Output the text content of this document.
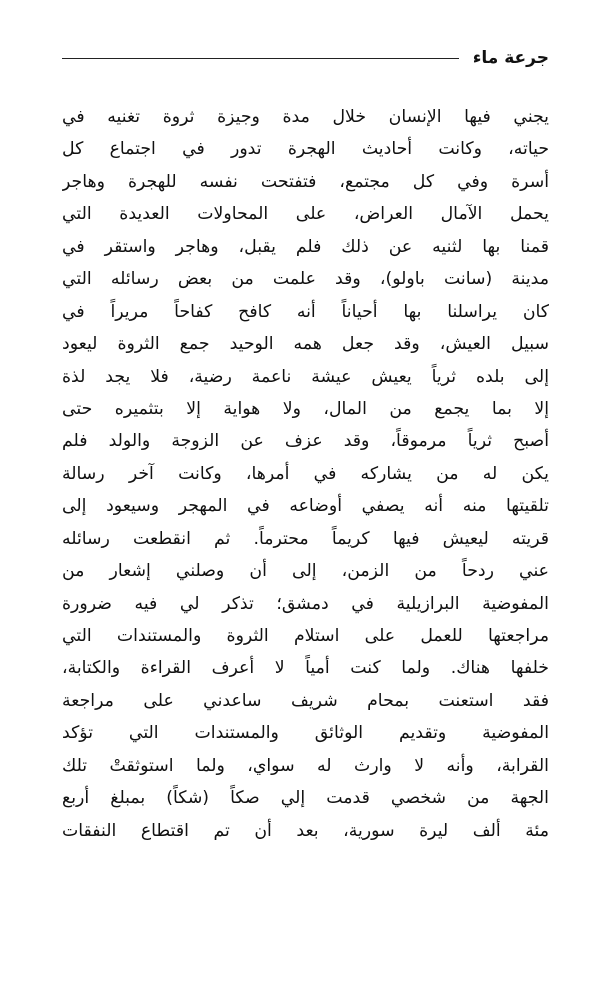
جرعة ماء
يجني فيها الإنسان خلال مدة وجيزة ثروة تغنيه في
حياته، وكانت أحاديث الهجرة تدور في اجتماع كل
أسرة وفي كل مجتمع، فتفتحت نفسه للهجرة وهاجر
يحمل الآمال العراض، على المحاولات العديدة التي
قمنا بها لثنيه عن ذلك فلم يقبل، وهاجر واستقر في
مدينة (سانت باولو)، وقد علمت من بعض رسائله التي
كان يراسلنا بها أحياناً أنه كافح كفاحاً مريراً في
سبيل العيش، وقد جعل همه الوحيد جمع الثروة ليعود
إلى بلده ثرياً يعيش عيشة ناعمة رضية، فلا يجد لذة
إلا بما يجمع من المال، ولا هواية إلا بتثميره حتى
أصبح ثرياً مرموقاً، وقد عزف عن الزوجة والولد فلم
يكن له من يشاركه في أمرها، وكانت آخر رسالة
تلقيتها منه أنه يصفي أوضاعه في المهجر وسيعود إلى
قريته ليعيش فيها كريماً محترماً. ثم انقطعت رسائله
عني ردحاً من الزمن، إلى أن وصلني إشعار من
المفوضية البرازيلية في دمشق؛ تذكر لي فيه ضرورة
مراجعتها للعمل على استلام الثروة والمستندات التي
خلفها هناك. ولما كنت أمياً لا أعرف القراءة والكتابة،
فقد استعنت بمحام شريف ساعدني على مراجعة
المفوضية وتقديم الوثائق والمستندات التي تؤكد
القرابة، وأنه لا وارث له سواي، ولما استوثقتْ تلك
الجهة من شخصي قدمت إلي صكاً (شكاً) بمبلغ أربع
مئة ألف ليرة سورية، بعد أن تم اقتطاع النفقات
